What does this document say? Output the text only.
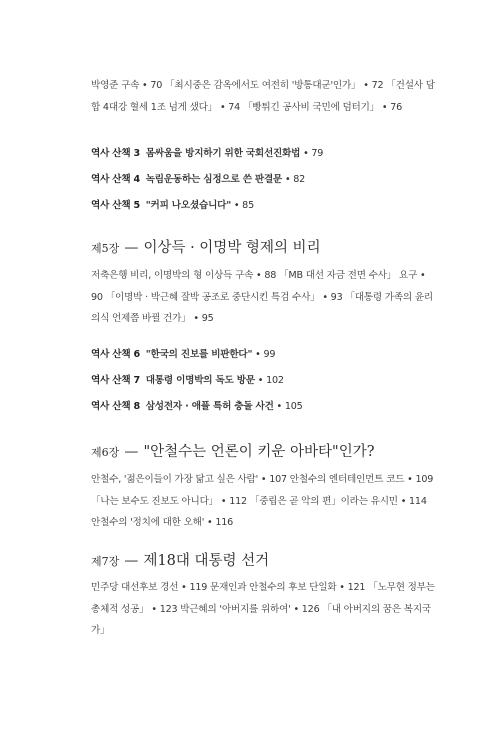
박영준 구속 • 70 「최시중은 감옥에서도 여전히 '방통대군'인가」 • 72 「건설사 담합 4대강 혈세 1조 넘게 샜다」 • 74 「빵튀긴 공사비 국민에 덤터기」 • 76
역사 산책 3 몸싸움을 방지하기 위한 국회선진화법 • 79
역사 산책 4 녹림운동하는 심정으로 쓴 판결문 • 82
역사 산책 5 "커피 나오셨습니다" • 85
제5장 — 이상득 · 이명박 형제의 비리
저축은행 비리, 이명박의 형 이상득 구속 • 88 「MB 대선 자금 전면 수사」 요구 • 90 「이명박 · 박근혜 잘박 공조로 중단시킨 특검 수사」 • 93 「대통령 가족의 윤리의식 언제쯤 바뀔 건가」 • 95
역사 산책 6 "한국의 진보를 비판한다" • 99
역사 산책 7 대통령 이명박의 독도 방문 • 102
역사 산책 8 삼성전자 · 애플 특허 충돌 사건 • 105
제6장 — "안철수는 언론이 키운 아바타"인가?
안철수, '젊은이들이 가장 닮고 싶은 사람' • 107 안철수의 엔터테인먼트 코드 • 109 「나는 보수도 진보도 아니다」 • 112 「중립은 곧 악의 편」이라는 유시민 • 114 안철수의 '정치에 대한 오해' • 116
제7장 — 제18대 대통령 선거
민주당 대선후보 경선 • 119 문재인과 안철수의 후보 단일화 • 121 「노무현 정부는 총체적 성공」 • 123 박근혜의 '아버지를 위하여' • 126 「내 아버지의 꿈은 복지국가」
